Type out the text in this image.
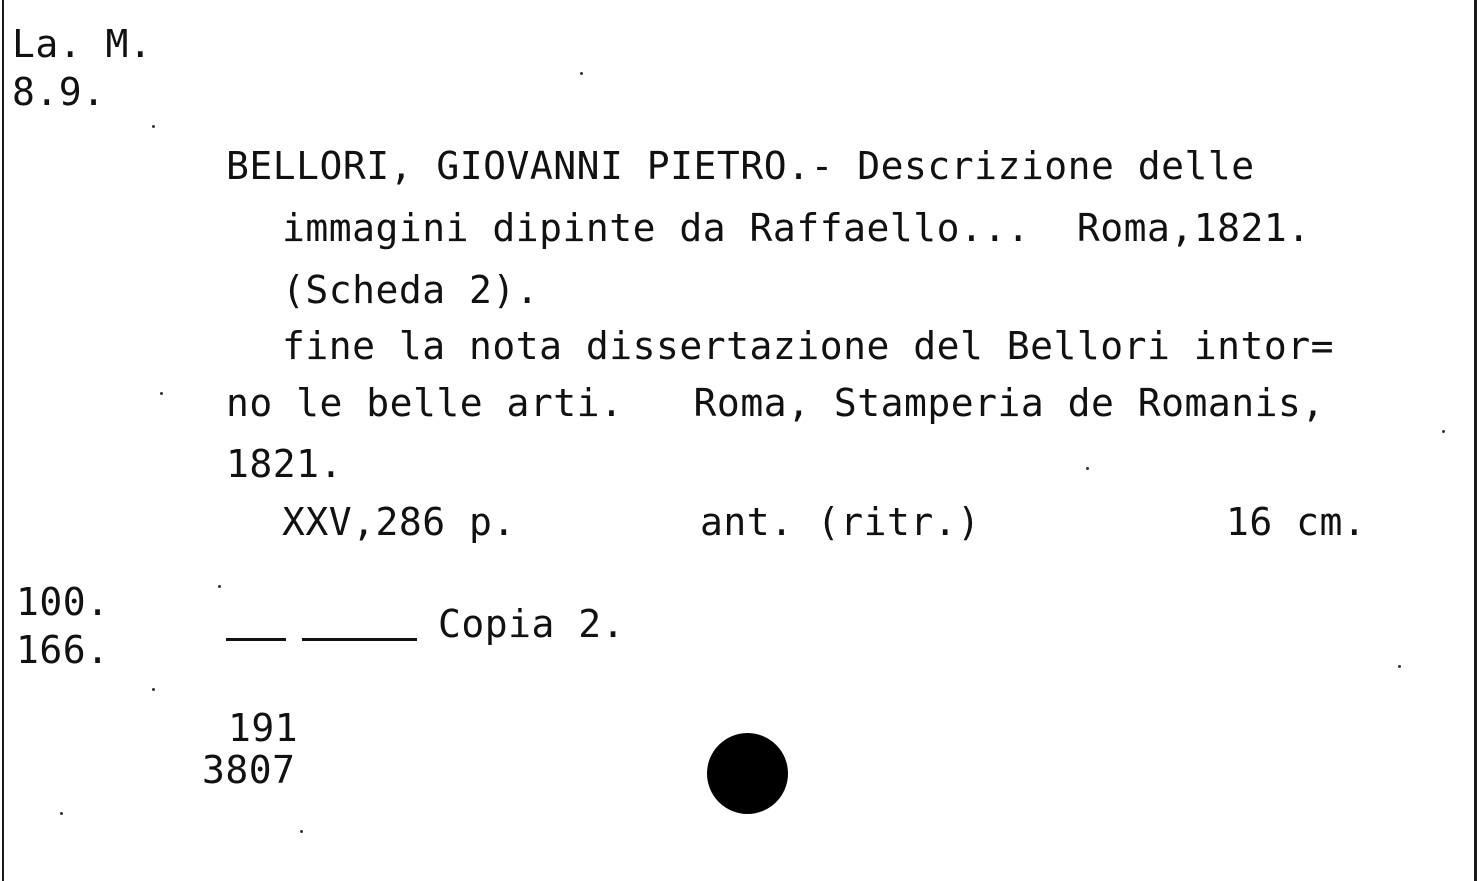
La. M.
8.9.
BELLORI, GIOVANNI PIETRO.- Descrizione delle
immagini dipinte da Raffaello...  Roma,1821.
(Scheda 2).
fine la nota dissertazione del Bellori intor=
no le belle arti.   Roma, Stamperia de Romanis,
1821.
XXV,286 p.	ant. (ritr.)	16 cm.
100.
166.
Copia 2.
191
3807
